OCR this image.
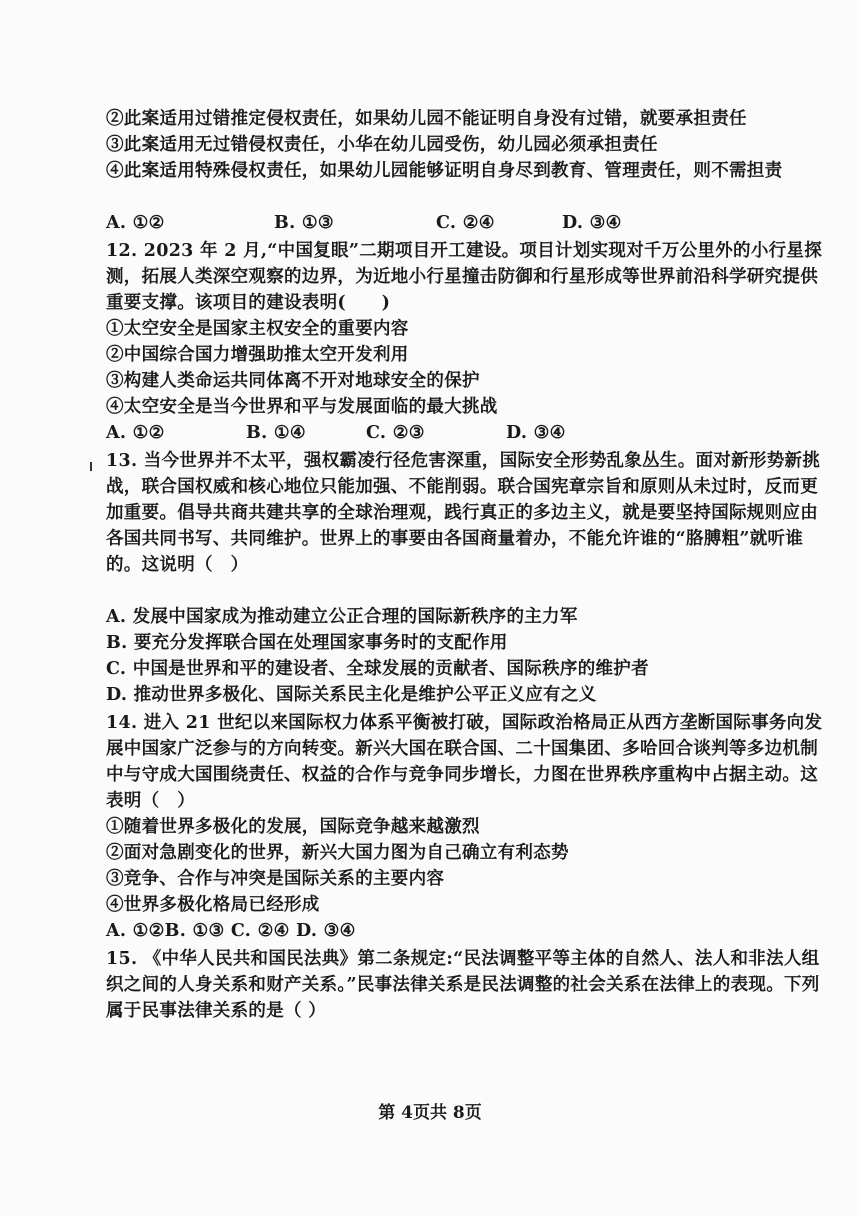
②此案适用过错推定侵权责任，如果幼儿园不能证明自身没有过错，就要承担责任
③此案适用无过错侵权责任，小华在幼儿园受伤，幼儿园必须承担责任
④此案适用特殊侵权责任，如果幼儿园能够证明自身尽到教育、管理责任，则不需担责
A. ①②	B. ①③	C. ②④	D. ③④
12. 2023 年 2 月,“中国复眼”二期项目开工建设。项目计划实现对千万公里外的小行星探测，拓展人类深空观察的边界，为近地小行星撞击防御和行星形成等世界前沿科学研究提供重要支撑。该项目的建设表明(　　)
①太空安全是国家主权安全的重要内容
②中国综合国力增强助推太空开发利用
③构建人类命运共同体离不开对地球安全的保护
④太空安全是当今世界和平与发展面临的最大挑战
A. ①②	B. ①④	C. ②③	D. ③④
13. 当今世界并不太平，强权霸凌行径危害深重，国际安全形势乱象丛生。面对新形势新挑战，联合国权威和核心地位只能加强、不能削弱。联合国宪章宗旨和原则从未过时，反而更加重要。倡导共商共建共享的全球治理观，践行真正的多边主义，就是要坚持国际规则应由各国共同书写、共同维护。世界上的事要由各国商量着办，不能允许谁的“胳膊粗”就听谁的。这说明（　）
A. 发展中国家成为推动建立公正合理的国际新秩序的主力军
B. 要充分发挥联合国在处理国家事务时的支配作用
C. 中国是世界和平的建设者、全球发展的贡献者、国际秩序的维护者
D. 推动世界多极化、国际关系民主化是维护公平正义应有之义
14. 进入 21 世纪以来国际权力体系平衡被打破，国际政治格局正从西方垄断国际事务向发展中国家广泛参与的方向转变。新兴大国在联合国、二十国集团、多哈回合谈判等多边机制中与守成大国围绕责任、权益的合作与竞争同步增长，力图在世界秩序重构中占据主动。这表明（　）
①随着世界多极化的发展，国际竞争越来越激烈
②面对急剧变化的世界，新兴大国力图为自己确立有利态势
③竞争、合作与冲突是国际关系的主要内容
④世界多极化格局已经形成
A. ①②B. ①③ C. ②④ D. ③④
15. 《中华人民共和国民法典》第二条规定:“民法调整平等主体的自然人、法人和非法人组织之间的人身关系和财产关系。”民事法律关系是民法调整的社会关系在法律上的表现。下列属于民事法律关系的是（ ）
第 4页共 8页
